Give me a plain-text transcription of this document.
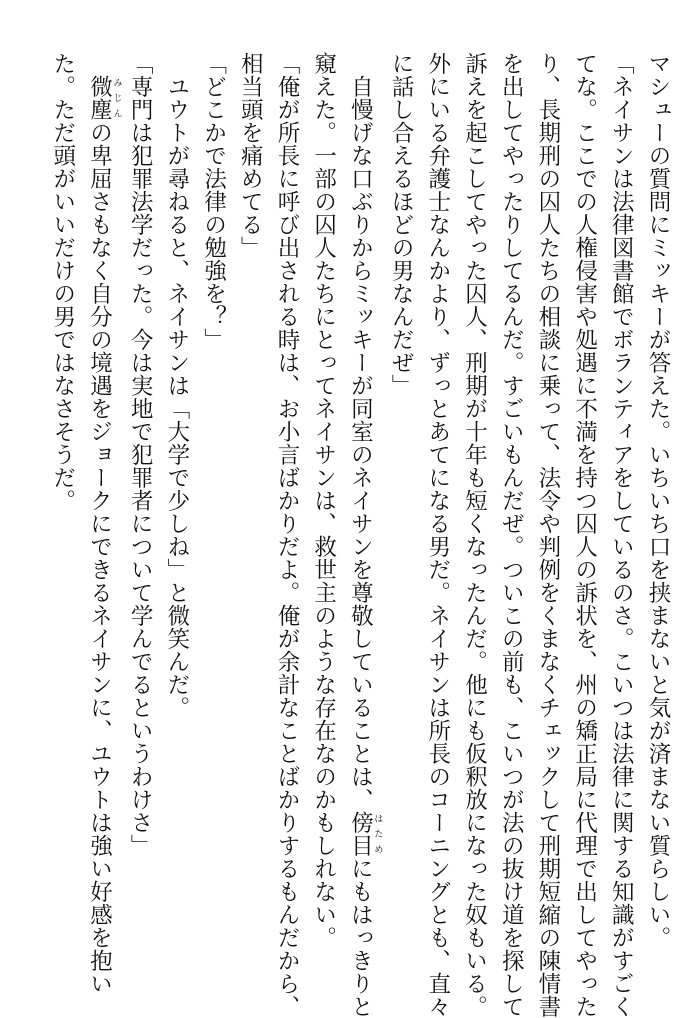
マシューの質問にミッキーが答えた。いちいち口を挟まないと気が済まない質らしい。
「ネイサンは法律図書館でボランティアをしているのさ。こいつは法律に関する知識がすごく
てな。ここでの人権侵害や処遇に不満を持つ囚人の訴状を、州の矯正局に代理で出してやった
り、長期刑の囚人たちの相談に乗って、法令や判例をくまなくチェックして刑期短縮の陳情書
を出してやったりしてるんだ。すごいもんだぜ。ついこの前も、こいつが法の抜け道を探して
訴えを起こしてやった囚人、刑期が十年も短くなったんだ。他にも仮釈放になった奴もいる。
外にいる弁護士なんかより、ずっとあてになる男だ。ネイサンは所長のコーニングとも、直々
に話し合えるほどの男なんだぜ」
　自慢げな口ぶりからミッキーが同室のネイサンを尊敬していることは、傍目 はためにもはっきりと
窺えた。一部の囚人たちにとってネイサンは、救世主のような存在なのかもしれない。
「俺が所長に呼び出される時は、お小言ばかりだよ。俺が余計なことばかりするもんだから、
相当頭を痛めてる」
「どこかで法律の勉強を？」
　ユウトが尋ねると、ネイサンは「大学で少しね」と微笑んだ。
「専門は犯罪法学だった。今は実地で犯罪者について学んでるというわけさ」
　微塵 みじんの卑屈さもなく自分の境遇をジョークにできるネイサンに、ユウトは強い好感を抱い
た。ただ頭がいいだけの男ではなさそうだ。
